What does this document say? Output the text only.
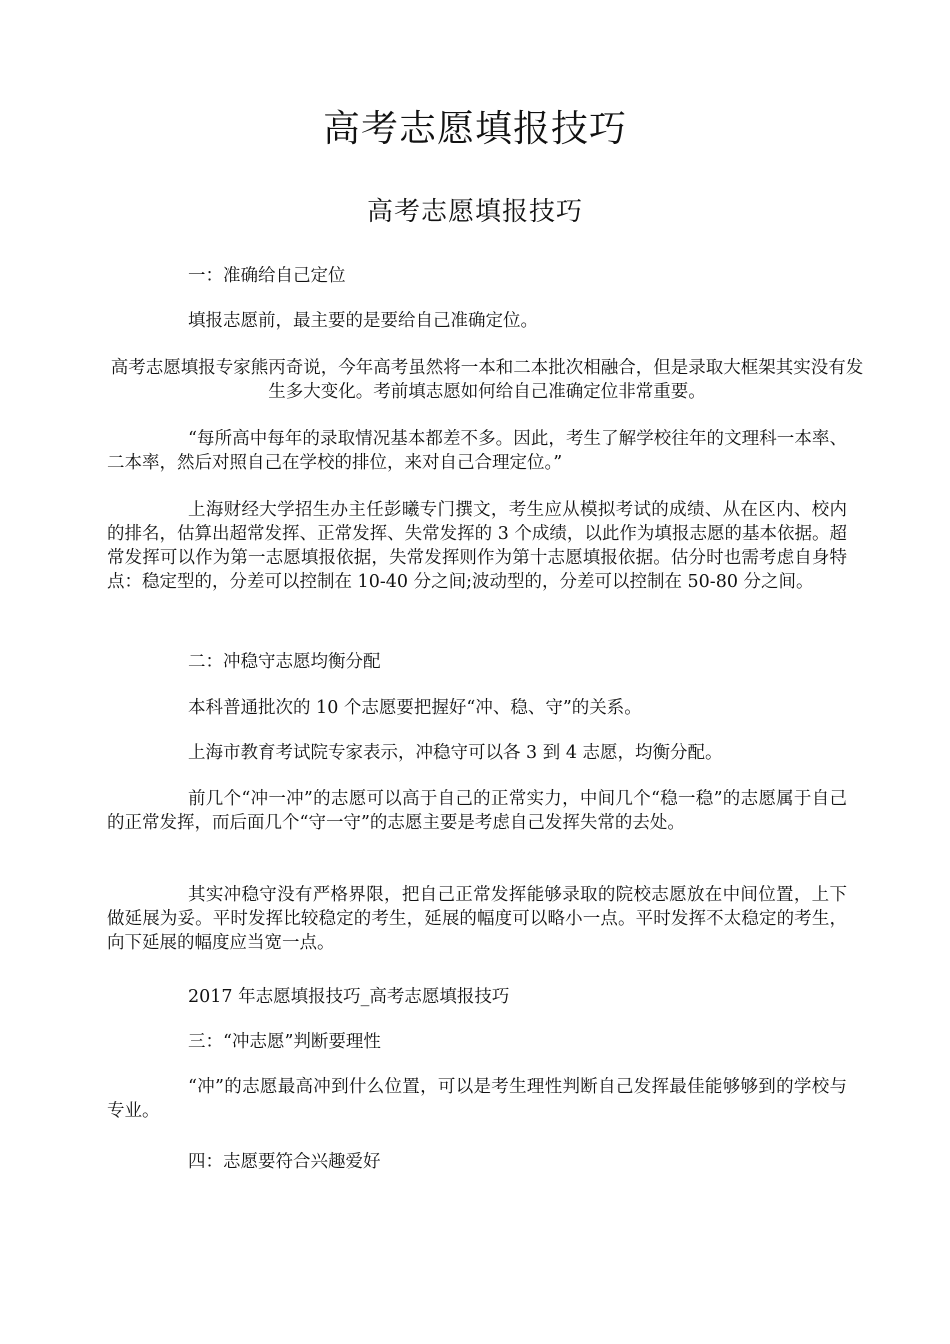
高考志愿填报技巧
高考志愿填报技巧

一：准确给自己定位

填报志愿前，最主要的是要给自己准确定位。

高考志愿填报专家熊丙奇说，今年高考虽然将一本和二本批次相融合，但是录取大框架其实没有发生多大变化。考前填志愿如何给自己准确定位非常重要。

“每所高中每年的录取情况基本都差不多。因此，考生了解学校往年的文理科一本率、二本率，然后对照自己在学校的排位，来对自己合理定位。”

上海财经大学招生办主任彭曦专门撰文，考生应从模拟考试的成绩、从在区内、校内的排名，估算出超常发挥、正常发挥、失常发挥的 3 个成绩，以此作为填报志愿的基本依据。超常发挥可以作为第一志愿填报依据，失常发挥则作为第十志愿填报依据。估分时也需考虑自身特点：稳定型的，分差可以控制在 10-40 分之间;波动型的，分差可以控制在 50-80 分之间。

二：冲稳守志愿均衡分配

本科普通批次的 10 个志愿要把握好“冲、稳、守”的关系。

上海市教育考试院专家表示，冲稳守可以各 3 到 4 志愿，均衡分配。

前几个“冲一冲”的志愿可以高于自己的正常实力，中间几个“稳一稳”的志愿属于自己的正常发挥，而后面几个“守一守”的志愿主要是考虑自己发挥失常的去处。

其实冲稳守没有严格界限，把自己正常发挥能够录取的院校志愿放在中间位置，上下做延展为妥。平时发挥比较稳定的考生，延展的幅度可以略小一点。平时发挥不太稳定的考生，向下延展的幅度应当宽一点。

2017 年志愿填报技巧_高考志愿填报技巧

三：“冲志愿”判断要理性

“冲”的志愿最高冲到什么位置，可以是考生理性判断自己发挥最佳能够够到的学校与专业。

四：志愿要符合兴趣爱好
